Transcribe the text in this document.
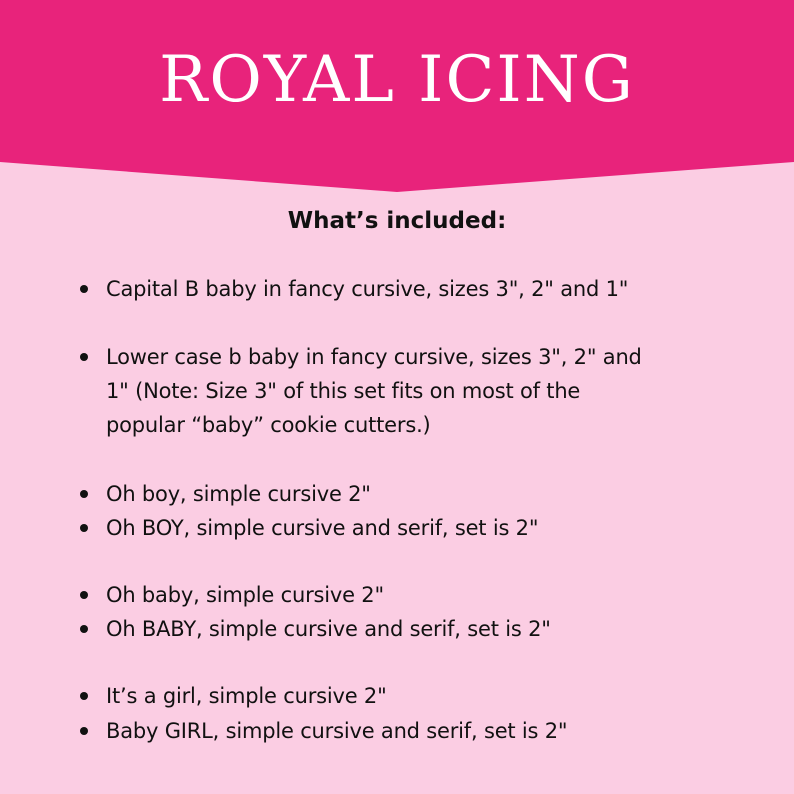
ROYAL ICING
What’s included:
Capital B baby in fancy cursive, sizes 3", 2" and 1"
Lower case b baby in fancy cursive, sizes 3", 2" and
1" (Note: Size 3" of this set fits on most of the
popular “baby” cookie cutters.)
Oh boy, simple cursive 2"
Oh BOY, simple cursive and serif, set is 2"
Oh baby, simple cursive 2"
Oh BABY, simple cursive and serif, set is 2"
It’s a girl, simple cursive 2"
Baby GIRL, simple cursive and serif, set is 2"
